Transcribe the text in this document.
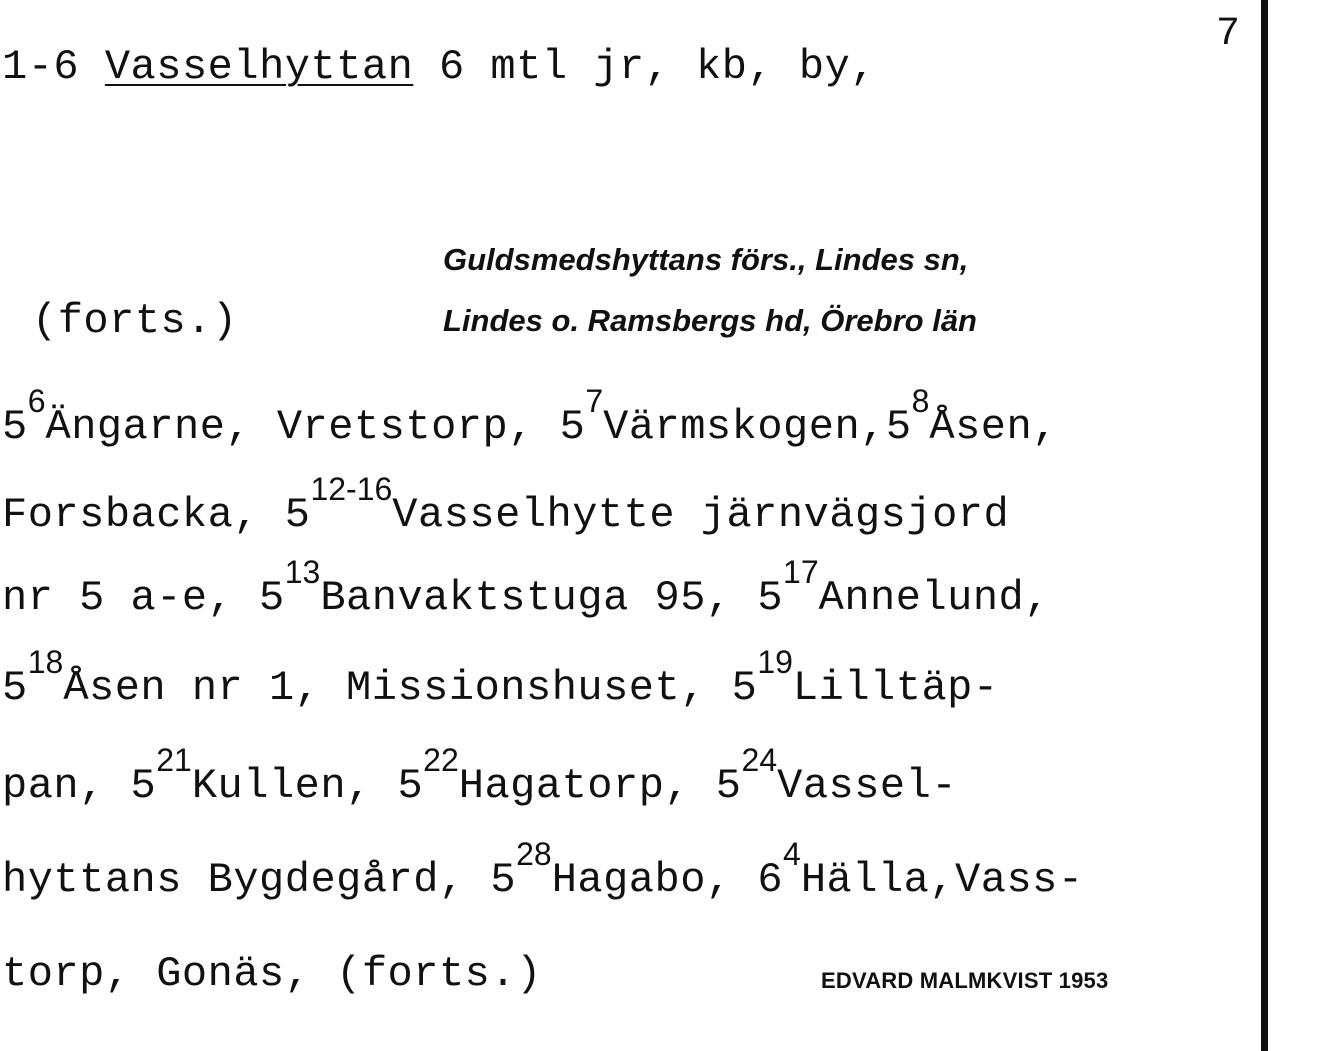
7
1-6 Vasselhyttan 6 mtl jr, kb, by,
Guldsmedshyttans förs., Lindes sn,
(forts.)	Lindes o. Ramsbergs hd, Örebro län
$5^6Ängarne$, Vretstorp, $5^7Värmskogen,5^8Åsen$,
Forsbacka, 5$^{12-16}$Vasselhytte järnvägsjord
nr 5 a-e, $5^{13}Banvaktstuga$ 95, $5^{17}Annelund$,
$5^{18}Åsen$ nr 1, Missionshuset, $5^{19}Lilltäp-$
pan, $5^{21}Kullen$, $5^{22}Hagatorp$, $5^{24}Vassel-$
hyttans Bygdegård, $5^{28}Hagabo$, $6^4Hälla,Vass-$
torp, Gonäs, (forts.)	EDVARD MALMKVIST 1953
